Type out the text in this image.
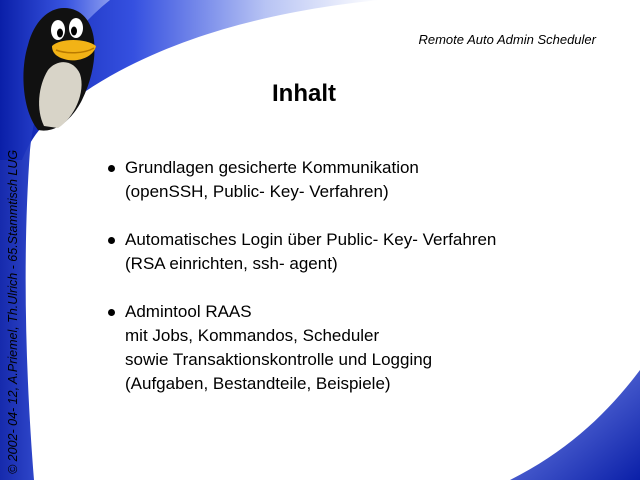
© 2002- 04- 12, A.Priemel, Th.Ulrich - 65.Stammtisch LUG
Remote Auto Admin Scheduler
Inhalt
Grundlagen gesicherte Kommunikation
(openSSH, Public- Key- Verfahren)
Automatisches Login über Public- Key- Verfahren
(RSA einrichten, ssh- agent)
Admintool RAAS
mit Jobs, Kommandos, Scheduler
sowie Transaktionskontrolle und Logging
(Aufgaben, Bestandteile, Beispiele)
